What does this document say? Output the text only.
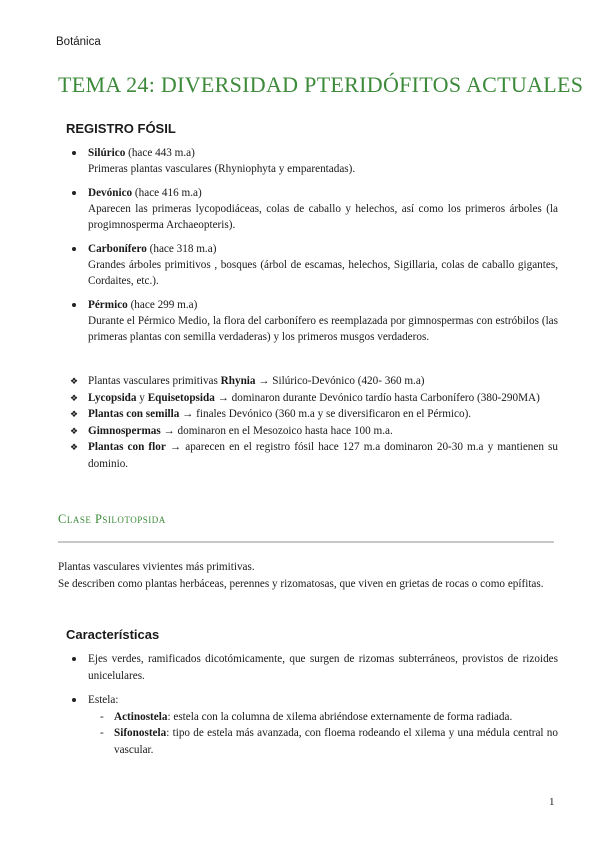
Botánica
TEMA 24: DIVERSIDAD PTERIDÓFITOS ACTUALES
REGISTRO FÓSIL
Silúrico (hace 443 m.a)
Primeras plantas vasculares (Rhyniophyta y emparentadas).
Devónico (hace 416 m.a)
Aparecen las primeras lycopodiáceas, colas de caballo y helechos, así como los primeros árboles (la progimnosperma Archaeopteris).
Carbonífero (hace 318 m.a)
Grandes árboles primitivos , bosques (árbol de escamas, helechos, Sigillaria, colas de caballo gigantes, Cordaites, etc.).
Pérmico (hace 299 m.a)
Durante el Pérmico Medio, la flora del carbonífero es reemplazada por gimnospermas con estróbilos (las primeras plantas con semilla verdaderas) y los primeros musgos verdaderos.
❖ Plantas vasculares primitivas Rhynia → Silúrico-Devónico (420- 360 m.a)
❖ Lycopsida y Equisetopsida → dominaron durante Devónico tardío hasta Carbonífero (380-290MA)
❖ Plantas con semilla → finales Devónico (360 m.a y se diversificaron en el Pérmico).
❖ Gimnospermas → dominaron en el Mesozoico hasta hace 100 m.a.
❖ Plantas con flor → aparecen en el registro fósil hace 127 m.a dominaron 20-30 m.a y mantienen su dominio.
Clase Psilotopsida
Plantas vasculares vivientes más primitivas.
Se describen como plantas herbáceas, perennes y rizomatosas, que viven en grietas de rocas o como epífitas.
Características
Ejes verdes, ramificados dicotómicamente, que surgen de rizomas subterráneos, provistos de rizoides unicelulares.
Estela:
- Actinostela: estela con la columna de xilema abriéndose externamente de forma radiada.
- Sifonostela: tipo de estela más avanzada, con floema rodeando el xilema y una médula central no vascular.
1
